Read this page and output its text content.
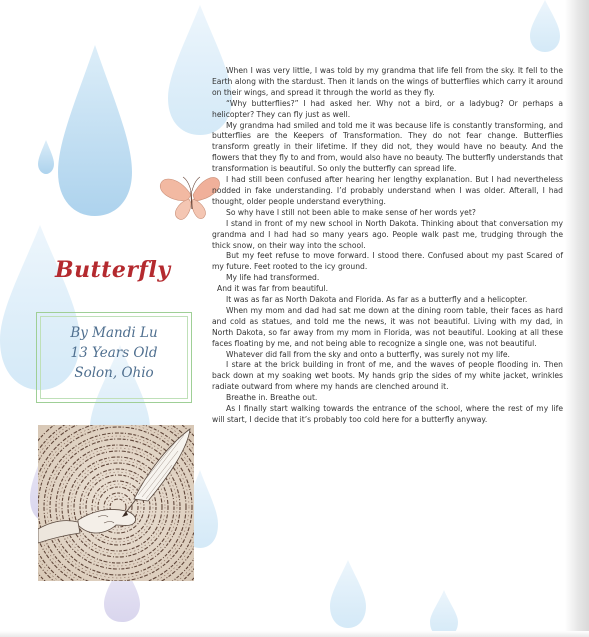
Butterfly

By Mandi Lu

13 Years Old

Solon, Ohio

When I was very little, I was told by my grandma that life fell from the sky. It fell to the Earth along with the stardust. Then it lands on the wings of butterflies which carry it around on their wings, and spread it through the world as they fly.

“Why butterflies?” I had asked her. Why not a bird, or a ladybug? Or perhaps a helicopter? They can fly just as well.

My grandma had smiled and told me it was because life is constantly transforming, and butterflies are the Keepers of Transformation. They do not fear change. Butterflies transform greatly in their lifetime. If they did not, they would have no beauty. And the flowers that they fly to and from, would also have no beauty. The butterfly understands that transformation is beautiful. So only the butterfly can spread life.

I had still been confused after hearing her lengthy explanation. But I had nevertheless nodded in fake understanding. I’d probably understand when I was older. Afterall, I had thought, older people understand everything.

So why have I still not been able to make sense of her words yet?

I stand in front of my new school in North Dakota. Thinking about that conversation my grandma and I had had so many years ago. People walk past me, trudging through the thick snow, on their way into the school.

But my feet refuse to move forward. I stood there. Confused about my past Scared of my future. Feet rooted to the icy ground.

My life had transformed.

And it was far from beautiful.

It was as far as North Dakota and Florida. As far as a butterfly and a helicopter.

When my mom and dad had sat me down at the dining room table, their faces as hard and cold as statues, and told me the news, it was not beautiful. Living with my dad, in North Dakota, so far away from my mom in Florida, was not beautiful. Looking at all these faces floating by me, and not being able to recognize a single one, was not beautiful.

Whatever did fall from the sky and onto a butterfly, was surely not my life.

I stare at the brick building in front of me, and the waves of people flooding in. Then back down at my soaking wet boots. My hands grip the sides of my white jacket, wrinkles radiate outward from where my hands are clenched around it.

Breathe in. Breathe out.

As I finally start walking towards the entrance of the school, where the rest of my life will start, I decide that it’s probably too cold here for a butterfly anyway.
